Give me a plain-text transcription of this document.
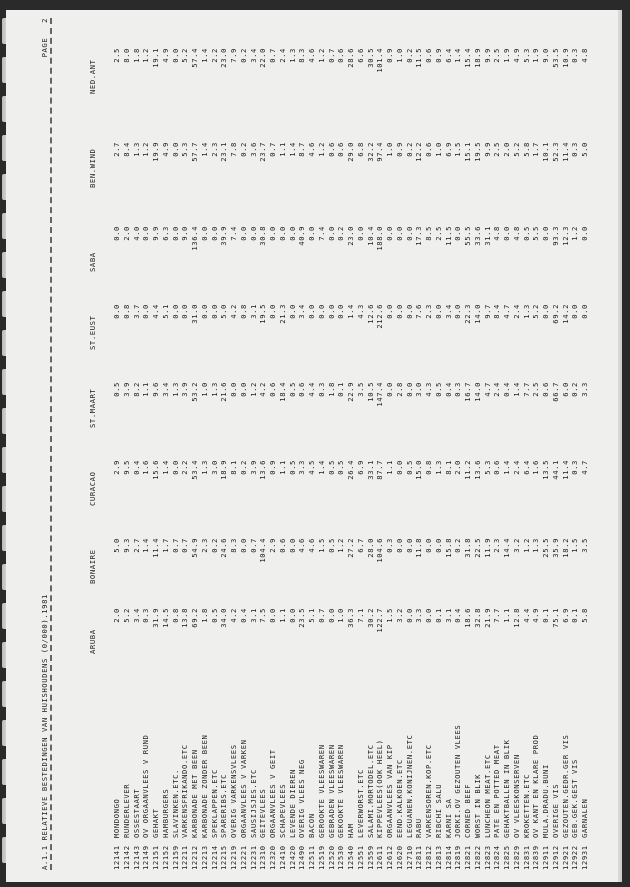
A.1.1 RELATIEVE BESTEDINGEN VAN HUISHOUDENS (0/000).1981
PAGE   2
ARUBA
BONAIRE
CURACAO
ST.MAART
ST.EUST
SABA
BEN.WIND
NED.ANT
12141
MONDONGO
2.0
5.0
2.9
0.5
0.0
0.0
2.7
2.5
12142
RUNDERLEVER
5.2
9.3
9.5
3.9
0.8
2.0
8.4
8.0
12143
OSSESTAART
3.4
2.7
0.4
8.2
3.7
4.0
1.3
1.8
12149
OV ORGAANVLEES V RUND
0.3
1.4
1.6
1.1
0.0
0.0
1.2
1.2
12151
GEHAKT
31.9
11.4
15.6
9.6
4.4
9.9
19.9
19.1
12152
HAMBURGERS
14.5
1.7
1.4
3.4
5.1
6.3
4.9
4.9
12159
SLAVINKEN.ETC.
0.8
0.7
0.0
1.3
0.0
0.0
0.0
0.0
12211
VARKENSFRIKANDO.ETC
13.8
0.7
2.2
3.9
0.0
9.0
5.3
5.2
12212
KARBONADE MET BEEN
69.2
54.9
53.4
53.2
31.0
136.4
57.7
57.4
12213
KARBONADE ZONDER BEEN
1.8
2.3
1.3
1.0
0.0
0.0
1.4
1.4
12214
SPEKLAPPEN.ETC
0.5
0.2
3.0
1.3
0.0
0.0
2.3
2.2
12215
SPARERIBS.ETC
34.0
24.6
18.9
21.6
5.0
39.9
23.1
23.0
12219
OVERIG VARKENSVLEES
4.2
8.3
8.1
0.0
4.2
7.4
7.8
7.9
12221
ORGAANVLEES V VARKEN
0.4
0.0
0.2
0.0
0.8
0.0
0.2
0.2
12231
SAUSIJSJES.ETC
3.1
0.7
3.9
1.2
3.1
0.0
3.6
3.4
12310
GEITEVLEES
7.5
104.4
13.6
4.2
19.5
30.8
23.7
22.0
12320
ORGAANVLEES V GEIT
0.0
2.9
0.9
0.6
0.0
0.0
0.7
0.7
12410
SCHAPEVLEES
1.1
0.6
1.1
18.4
21.3
0.0
1.1
2.4
12420
LEVENDE DIEREN
0.0
0.0
0.5
0.5
0.0
0.0
1.4
1.3
12490
OVERIG VLEES NEG
23.5
4.6
3.3
0.6
3.4
40.9
8.7
8.3
12511
BACON
5.1
4.6
4.5
4.4
0.0
0.0
4.6
4.6
12519
GEROOKTE VLEESWAREN
0.7
1.5
1.4
0.3
0.0
7.4
1.2
1.2
12520
GEBRADEN VLEESWAREN
0.0
0.5
0.5
1.8
0.0
0.0
0.6
0.7
12530
GEKOOKTE VLEESWAREN
1.0
1.2
0.5
0.1
0.0
0.2
0.6
0.6
12540
HAM
36.3
27.2
26.4
22.9
1.4
23.0
29.0
28.6
12551
LEVERWORST.ETC
7.1
6.7
6.9
3.5
4.3
0.0
6.8
6.6
12559
SALAMI.MORTODEL.ETC
30.2
28.0
33.1
10.5
12.6
10.4
32.2
30.5
12611
KIPPEVLEES(OOK HEEL)
122.7
104.6
87.7
147.4
212.6
188.0
97.4
101.4
12612
ORGAANVLEES VAN KIP
1.5
0.3
1.1
0.0
0.0
0.0
1.0
0.9
12620
EEND.KALKOEN.ETC
3.2
0.0
0.0
2.8
0.0
0.0
0.9
1.0
12710
LEGUANEN.KONIJNEN.ETC
0.0
0.0
0.5
0.0
0.0
0.0
0.2
0.2
12811
RABU
3.3
11.8
15.0
3.0
7.6
17.3
12.2
11.5
12812
VARKENSOREN.KOP.ETC
0.0
0.0
0.8
4.3
2.3
8.5
0.6
0.6
12813
RIBCHI SALU
0.1
0.0
1.3
0.5
0.0
2.5
1.0
0.9
12814
KARNI SA
3.1
15.8
8.1
0.4
3.4
11.5
6.9
6.4
12819
JORKI.OV GEZOUTEN VLEES
0.4
0.2
2.0
0.3
0.0
0.0
1.5
1.4
12821
CORNED BEEF
18.6
31.8
11.2
16.7
22.3
55.5
15.1
15.4
12822
WORST IN BLIK
32.8
22.5
13.6
14.0
14.0
33.6
19.5
18.9
12823
LUNCHEON MEAT.ETC
21.9
11.9
5.3
4.7
9.7
31.1
9.9
9.9
12824
PATE EN POTTED MEAT
7.7
2.3
0.6
2.4
8.4
4.8
2.5
2.5
12825
GEHAKTBALLEN IN BLIK
1.1
14.4
1.4
0.4
4.7
0.0
2.0
1.9
12829
OV VLEESKONSERVEN
12.8
3.2
2.4
1.4
2.4
4.8
5.2
4.9
12831
KROKETTEN.ETC
4.4
1.2
6.4
7.7
1.3
0.5
5.8
5.3
12839
OV KANT EN KLARE PROD
4.9
1.3
1.6
2.5
5.2
5.5
1.7
1.9
12911
MULA.DRADU.BUNI
0.1
25.5
13.5
0.6
0.0
0.0
10.1
9.0
12912
OVERIGE VIS
75.1
35.9
44.1
66.7
69.2
93.3
52.3
53.5
12921
GEZOUTEN.GEDR.GER VIS
6.9
18.2
11.4
6.0
14.2
12.3
11.4
10.9
12922
GEB.GEK.GEST VIS
0.1
1.5
0.3
0.2
0.0
1.2
0.3
0.3
12931
GARNALEN
5.8
3.5
4.7
3.3
0.0
0.0
5.0
4.8
